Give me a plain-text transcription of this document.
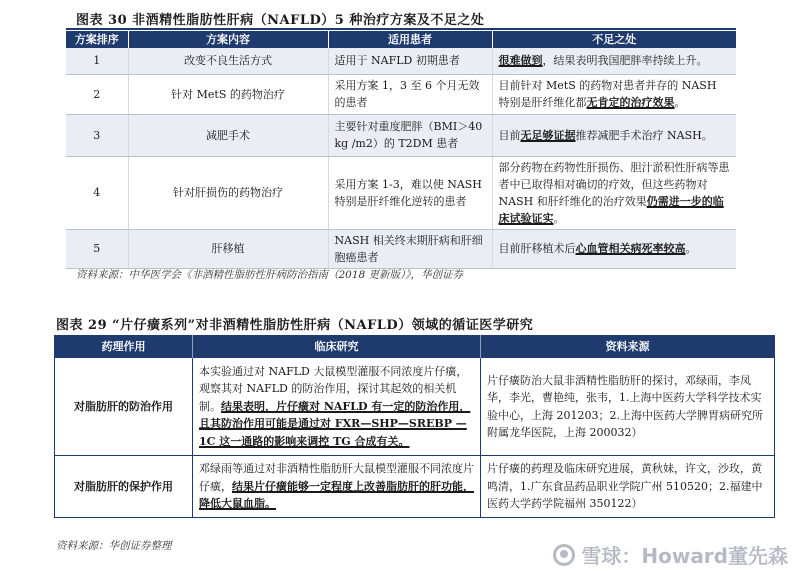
图表 30 非酒精性脂肪性肝病（NAFLD）5 种治疗方案及不足之处
方案排序	方案内容	适用患者	不足之处
1	改变不良生活方式	适用于 NAFLD 初期患者	很难做到，结果表明我国肥胖率持续上升。
2	针对 MetS 的药物治疗	采用方案 1，3 至 6 个月无效的患者	目前针对 MetS 的药物对患者并存的 NASH 特别是肝纤维化都无肯定的治疗效果。
3	减肥手术	主要针对重度肥胖（BMI＞40 kg /m2）的 T2DM 患者	目前无足够证据推荐减肥手术治疗 NASH。
4	针对肝损伤的药物治疗	采用方案 1-3，难以使 NASH 特别是肝纤维化逆转的患者	部分药物在药物性肝损伤、胆汁淤积性肝病等患者中已取得相对确切的疗效，但这些药物对 NASH 和肝纤维化的治疗效果仍需进一步的临床试验证实。
5	肝移植	NASH 相关终末期肝病和肝细胞癌患者	目前肝移植术后心血管相关病死率较高。
资料来源：中华医学会《非酒精性脂肪性肝病防治指南（2018 更新版）》，华创证券
图表 29 “片仔癀系列”对非酒精性脂肪性肝病（NAFLD）领域的循证医学研究
药理作用	临床研究	资料来源
对脂肪肝的防治作用	本实验通过对 NAFLD 大鼠模型灌服不同浓度片仔癀，观察其对 NAFLD 的防治作用，探讨其起效的相关机制。结果表明，片仔癀对 NAFLD 有一定的防治作用，且其防治作用可能是通过对 FXR—SHP—SREBP — 1C 这一通路的影响来调控 TG 合成有关。	片仔癀防治大鼠非酒精性脂肪肝的探讨，邓绿雨，李凤华，李光，曹艳纯，张韦，1.上海中医药大学科学技术实验中心，上海 201203；2.上海中医药大学脾胃病研究所附属龙华医院，上海 200032）
对脂肪肝的保护作用	邓绿雨等通过对非酒精性脂肪肝大鼠模型灌服不同浓度片仔癀，结果片仔癀能够一定程度上改善脂肪肝的肝功能，降低大鼠血脂。	片仔癀的药理及临床研究进展，黄秋妹，许文，沙玫，黄鸣清，1.广东食品药品职业学院广州 510520；2.福建中医药大学药学院福州 350122）
资料来源：华创证券整理	雪球：Howard董先森
